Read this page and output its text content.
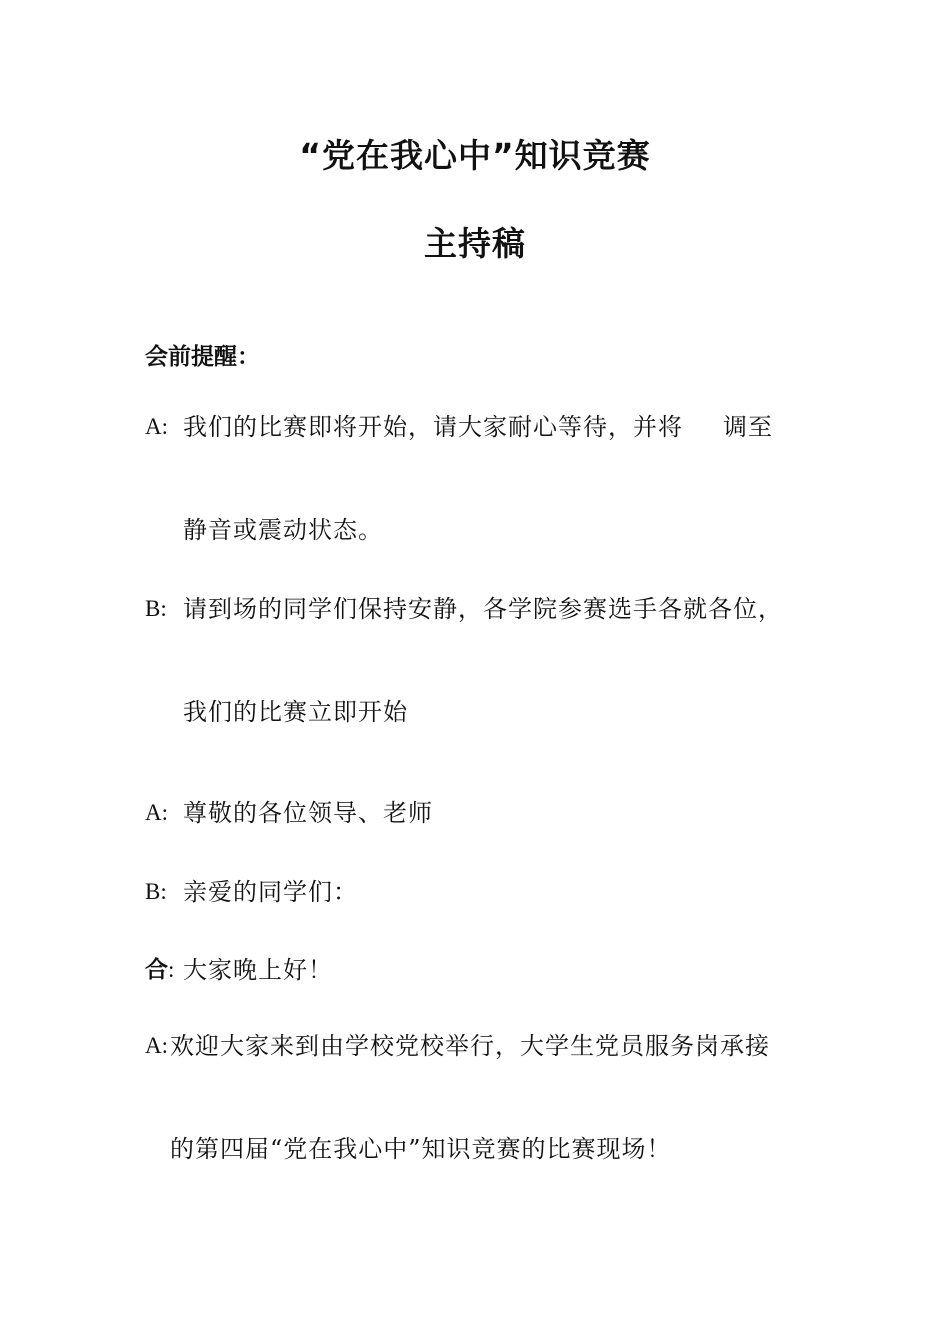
“党在我心中”知识竞赛
主持稿
会前提醒：
A: 我们的比赛即将开始，请大家耐心等待，并将 调至
静音或震动状态。
B: 请到场的同学们保持安静，各学院参赛选手各就各位，
我们的比赛立即开始
A: 尊敬的各位领导、老师
B: 亲爱的同学们：
合: 大家晚上好！
A: 欢迎大家来到由学校党校举行，大学生党员服务岗承接
的第四届“党在我心中”知识竞赛的比赛现场！
